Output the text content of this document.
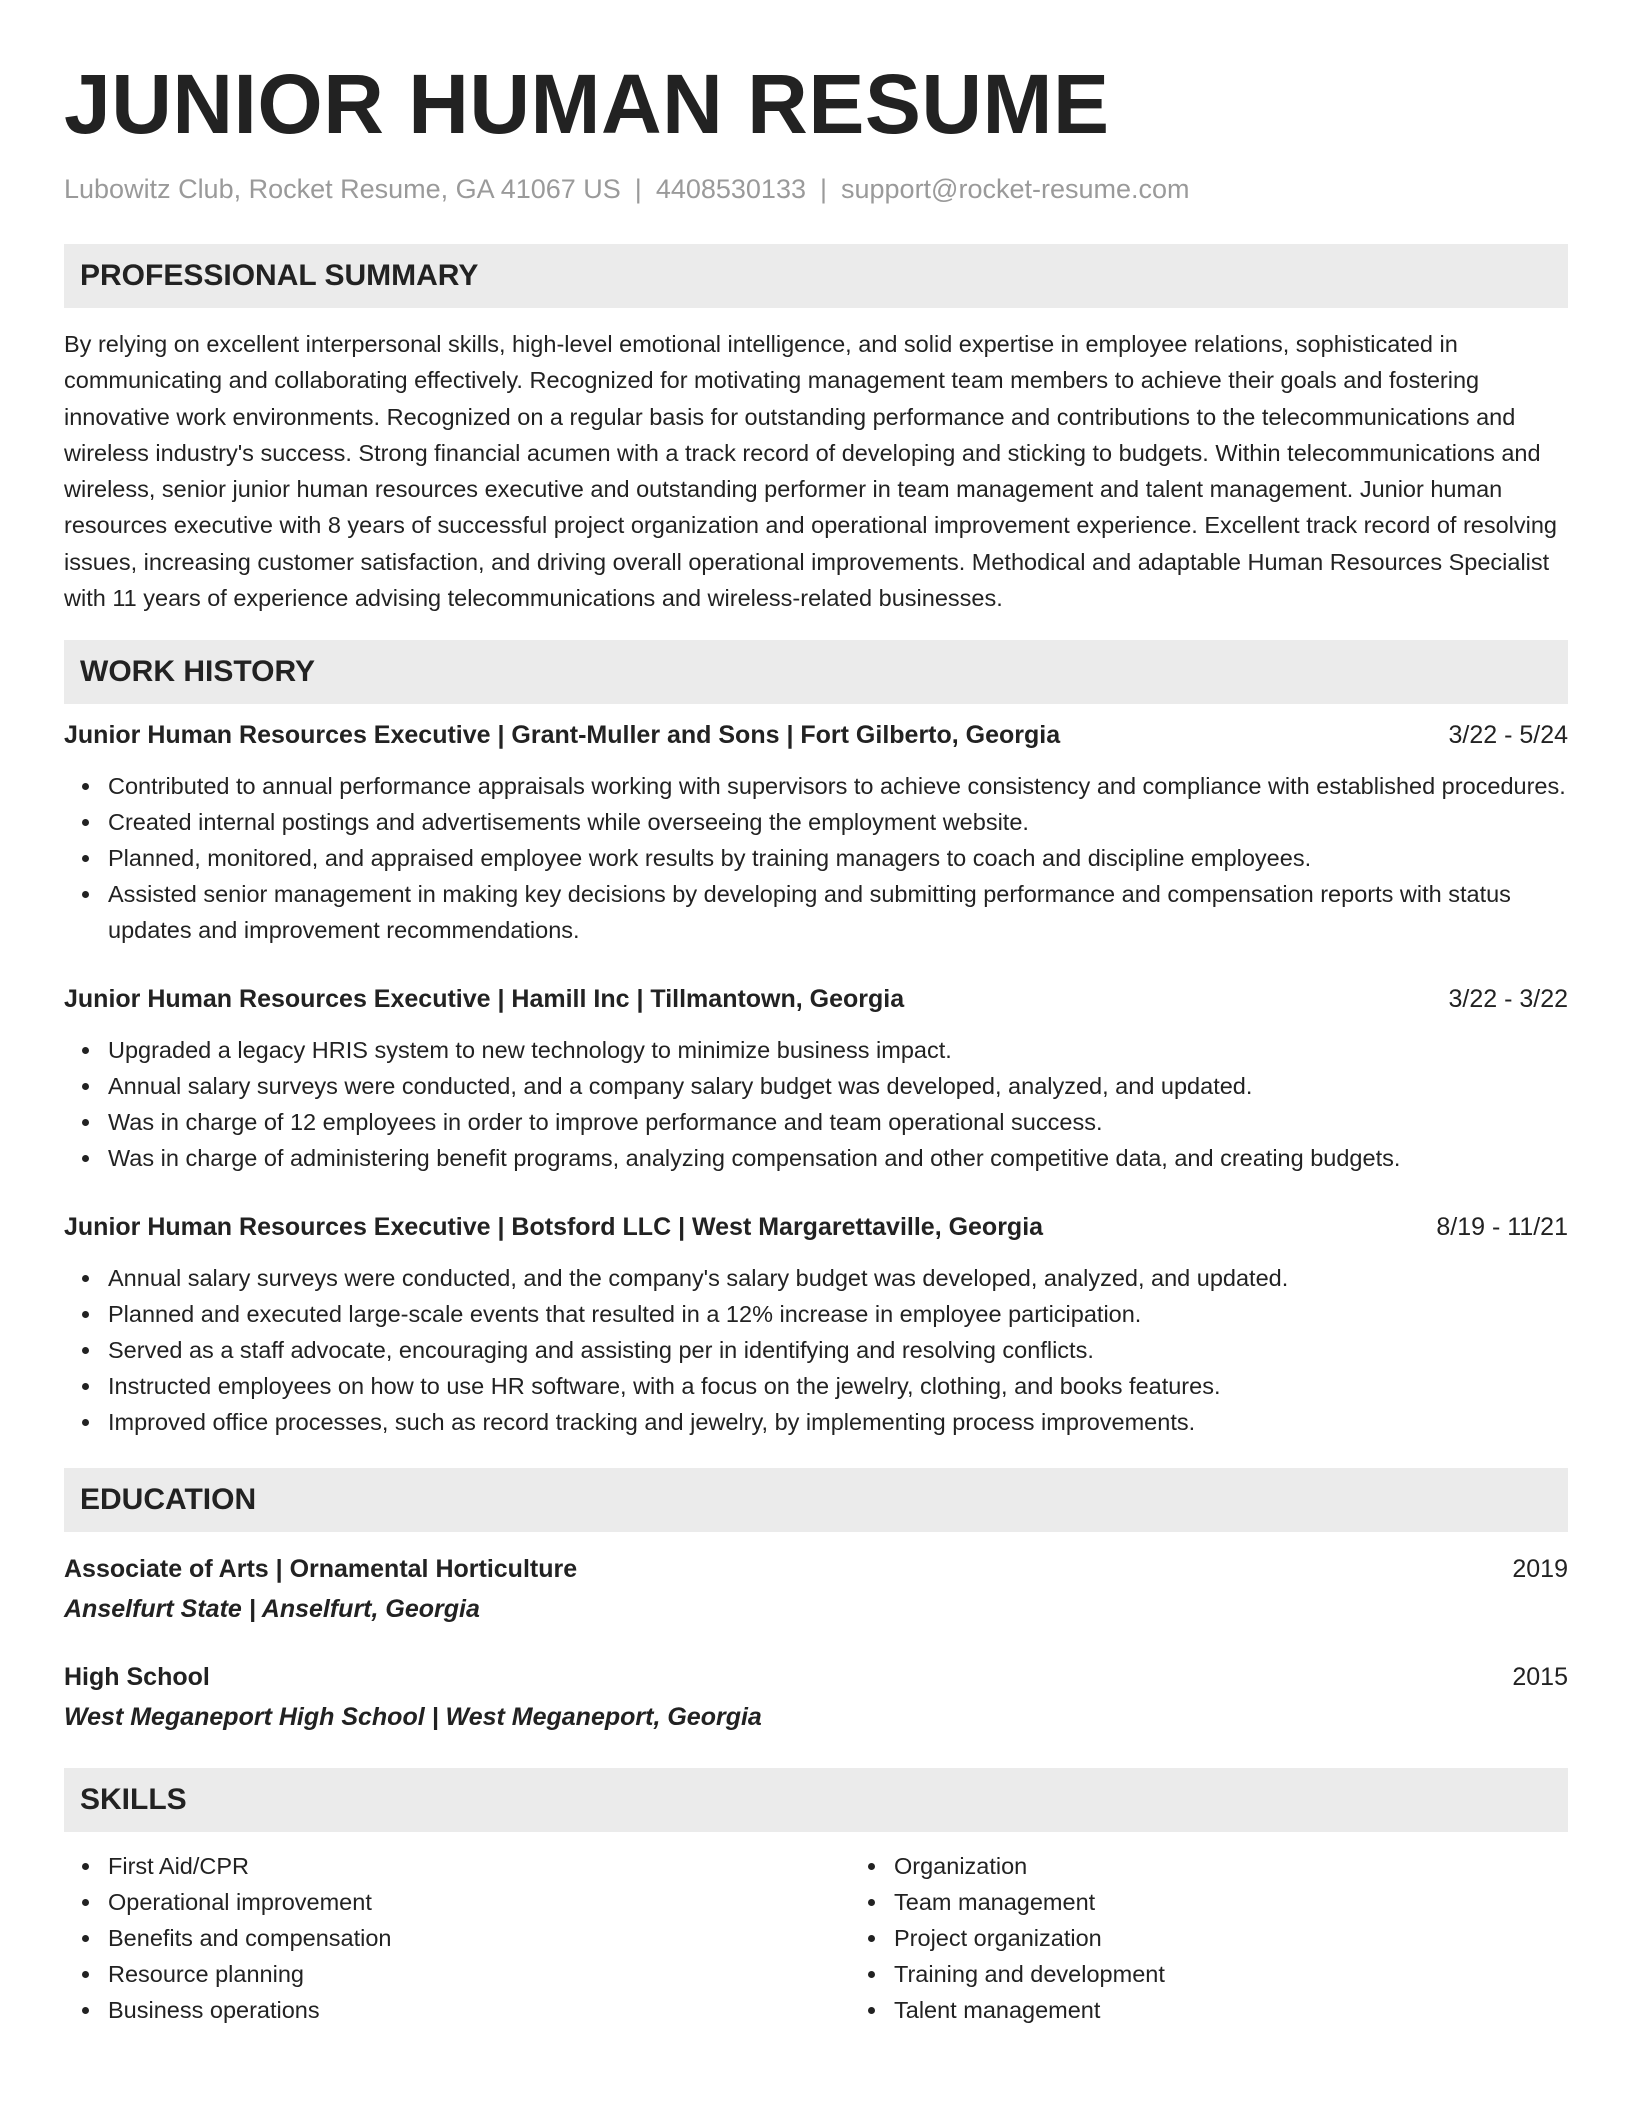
JUNIOR HUMAN RESUME
Lubowitz Club, Rocket Resume, GA 41067 US | 4408530133 | support@rocket-resume.com
PROFESSIONAL SUMMARY

By relying on excellent interpersonal skills, high-level emotional intelligence, and solid expertise in employee relations, sophisticated in communicating and collaborating effectively. Recognized for motivating management team members to achieve their goals and fostering innovative work environments. Recognized on a regular basis for outstanding performance and contributions to the telecommunications and wireless industry's success. Strong financial acumen with a track record of developing and sticking to budgets. Within telecommunications and wireless, senior junior human resources executive and outstanding performer in team management and talent management. Junior human resources executive with 8 years of successful project organization and operational improvement experience. Excellent track record of resolving issues, increasing customer satisfaction, and driving overall operational improvements. Methodical and adaptable Human Resources Specialist with 11 years of experience advising telecommunications and wireless-related businesses.

WORK HISTORY
Junior Human Resources Executive | Grant-Muller and Sons | Fort Gilberto, Georgia	3/22 - 5/24
Contributed to annual performance appraisals working with supervisors to achieve consistency and compliance with established procedures.
Created internal postings and advertisements while overseeing the employment website.
Planned, monitored, and appraised employee work results by training managers to coach and discipline employees.
Assisted senior management in making key decisions by developing and submitting performance and compensation reports with status updates and improvement recommendations.
Junior Human Resources Executive | Hamill Inc | Tillmantown, Georgia	3/22 - 3/22
Upgraded a legacy HRIS system to new technology to minimize business impact.
Annual salary surveys were conducted, and a company salary budget was developed, analyzed, and updated.
Was in charge of 12 employees in order to improve performance and team operational success.
Was in charge of administering benefit programs, analyzing compensation and other competitive data, and creating budgets.
Junior Human Resources Executive | Botsford LLC | West Margarettaville, Georgia	8/19 - 11/21
Annual salary surveys were conducted, and the company's salary budget was developed, analyzed, and updated.
Planned and executed large-scale events that resulted in a 12% increase in employee participation.
Served as a staff advocate, encouraging and assisting per in identifying and resolving conflicts.
Instructed employees on how to use HR software, with a focus on the jewelry, clothing, and books features.
Improved office processes, such as record tracking and jewelry, by implementing process improvements.
EDUCATION
Associate of Arts | Ornamental Horticulture	2019
Anselfurt State | Anselfurt, Georgia
High School	2015
West Meganeport High School | West Meganeport, Georgia
SKILLS
First Aid/CPR
Operational improvement
Benefits and compensation
Resource planning
Business operations
Organization
Team management
Project organization
Training and development
Talent management
